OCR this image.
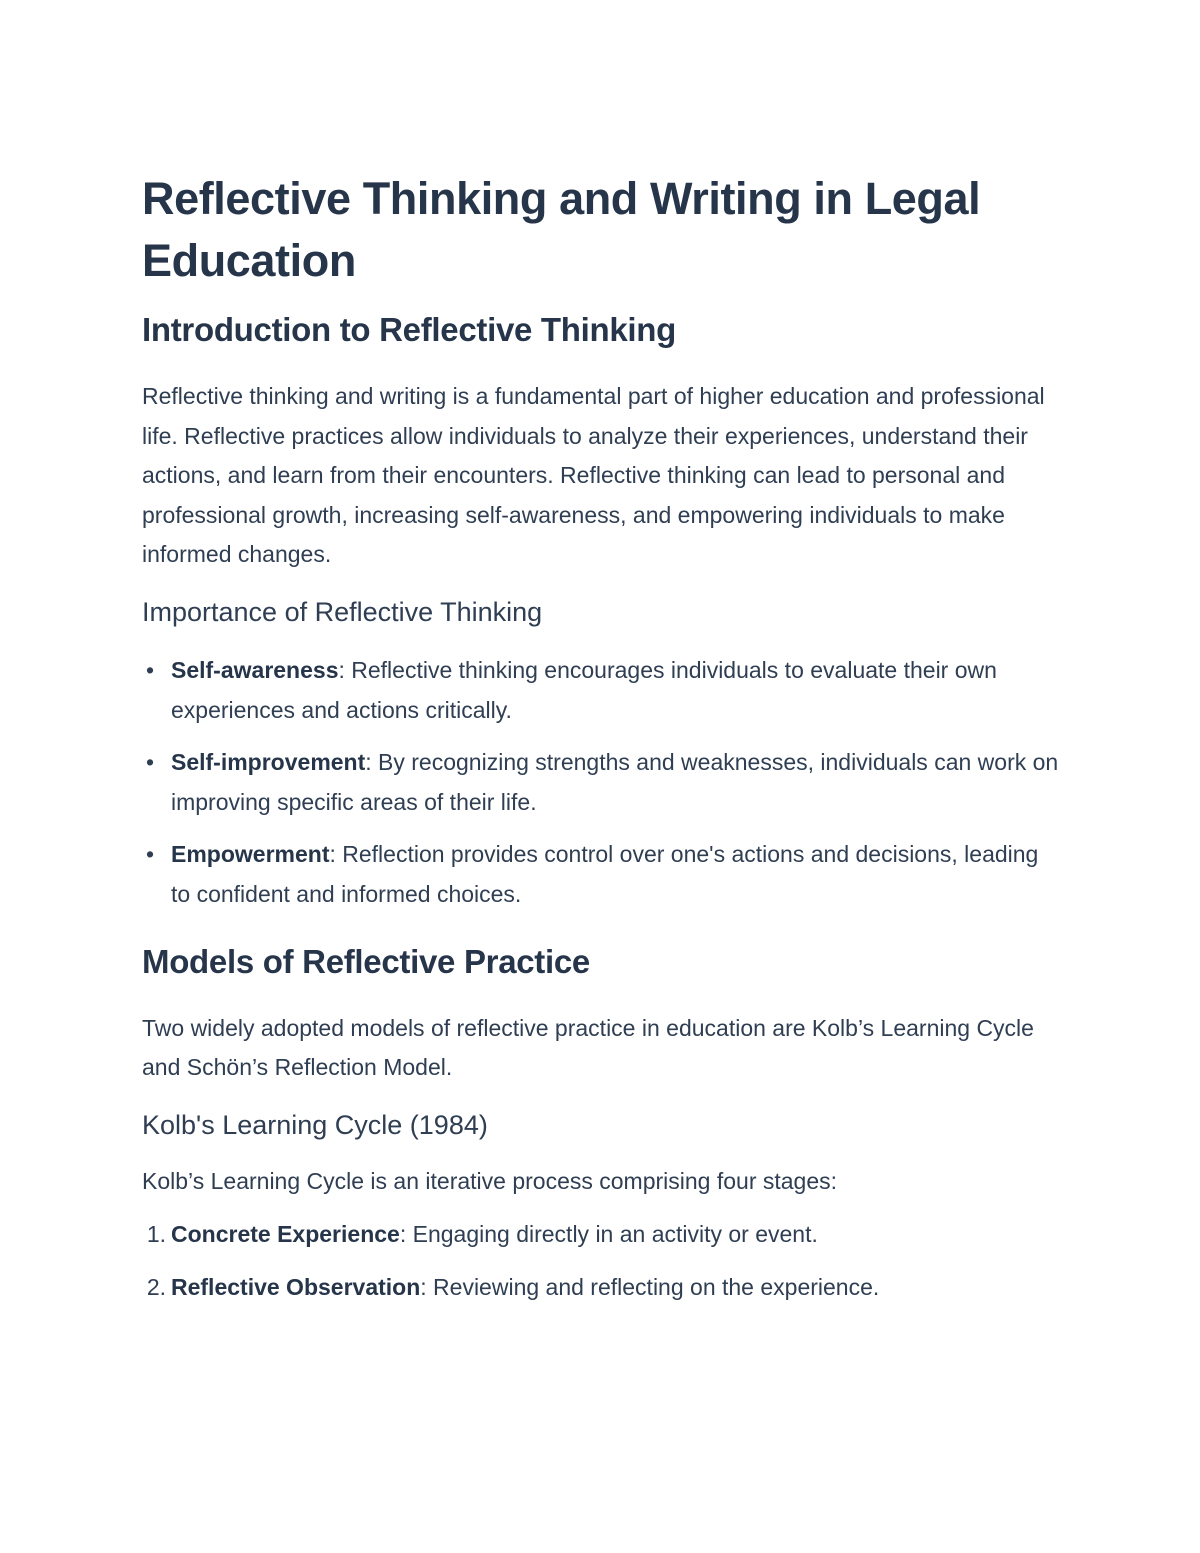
Reflective Thinking and Writing in Legal Education
Introduction to Reflective Thinking

Reflective thinking and writing is a fundamental part of higher education and professional life. Reflective practices allow individuals to analyze their experiences, understand their actions, and learn from their encounters. Reflective thinking can lead to personal and professional growth, increasing self-awareness, and empowering individuals to make informed changes.

Importance of Reflective Thinking
• Self-awareness: Reflective thinking encourages individuals to evaluate their own experiences and actions critically.
• Self-improvement: By recognizing strengths and weaknesses, individuals can work on improving specific areas of their life.
• Empowerment: Reflection provides control over one's actions and decisions, leading to confident and informed choices.
Models of Reflective Practice

Two widely adopted models of reflective practice in education are Kolb’s Learning Cycle and Schön’s Reflection Model.

Kolb's Learning Cycle (1984)

Kolb’s Learning Cycle is an iterative process comprising four stages:

1. Concrete Experience: Engaging directly in an activity or event.
2. Reflective Observation: Reviewing and reflecting on the experience.
